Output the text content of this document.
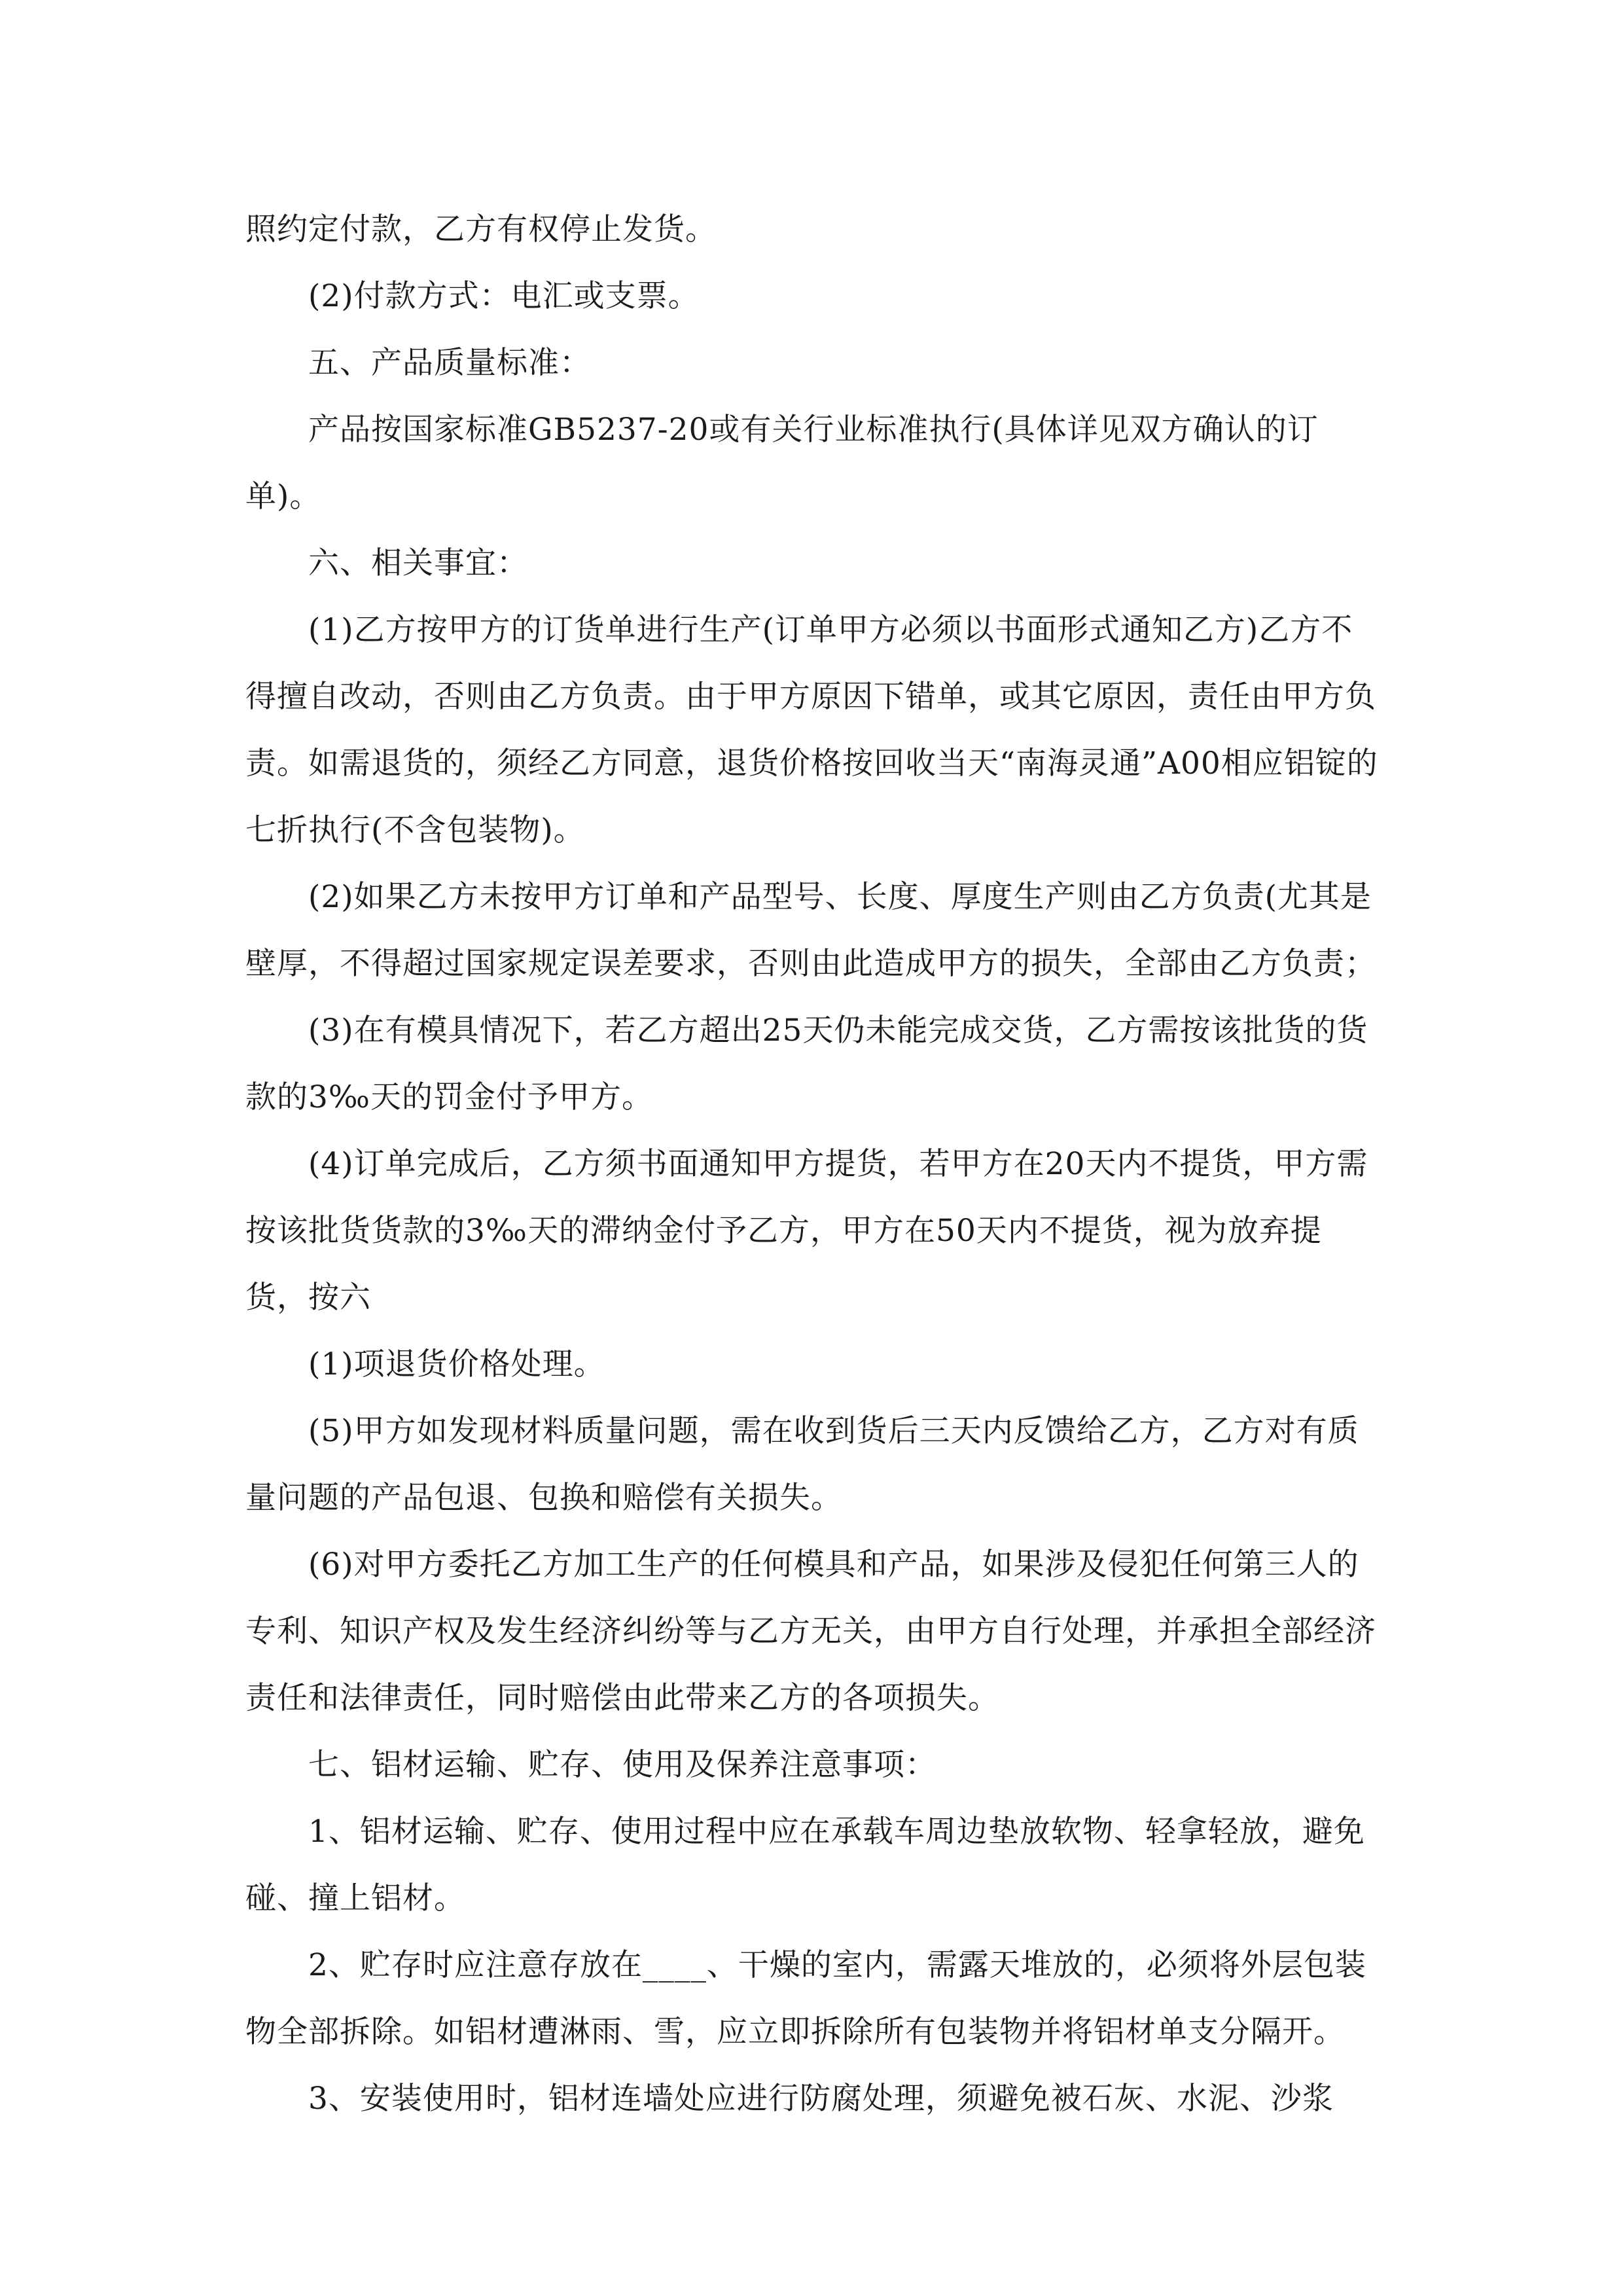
照约定付款，乙方有权停止发货。

(2)付款方式：电汇或支票。

五、产品质量标准：

产品按国家标准GB5237-20或有关行业标准执行(具体详见双方确认的订单)。

六、相关事宜：

(1)乙方按甲方的订货单进行生产(订单甲方必须以书面形式通知乙方)乙方不得擅自改动，否则由乙方负责。由于甲方原因下错单，或其它原因，责任由甲方负责。如需退货的，须经乙方同意，退货价格按回收当天“南海灵通”A00相应铝锭的七折执行(不含包装物)。

(2)如果乙方未按甲方订单和产品型号、长度、厚度生产则由乙方负责(尤其是壁厚，不得超过国家规定误差要求，否则由此造成甲方的损失，全部由乙方负责；

(3)在有模具情况下，若乙方超出25天仍未能完成交货，乙方需按该批货的货款的3‰天的罚金付予甲方。

(4)订单完成后，乙方须书面通知甲方提货，若甲方在20天内不提货，甲方需按该批货货款的3‰天的滞纳金付予乙方，甲方在50天内不提货，视为放弃提货，按六

(1)项退货价格处理。

(5)甲方如发现材料质量问题，需在收到货后三天内反馈给乙方，乙方对有质量问题的产品包退、包换和赔偿有关损失。

(6)对甲方委托乙方加工生产的任何模具和产品，如果涉及侵犯任何第三人的专利、知识产权及发生经济纠纷等与乙方无关，由甲方自行处理，并承担全部经济责任和法律责任，同时赔偿由此带来乙方的各项损失。

七、铝材运输、贮存、使用及保养注意事项：

1、铝材运输、贮存、使用过程中应在承载车周边垫放软物、轻拿轻放，避免碰、撞上铝材。

2、贮存时应注意存放在____、干燥的室内，需露天堆放的，必须将外层包装物全部拆除。如铝材遭淋雨、雪，应立即拆除所有包装物并将铝材单支分隔开。

3、安装使用时，铝材连墙处应进行防腐处理，须避免被石灰、水泥、沙浆
